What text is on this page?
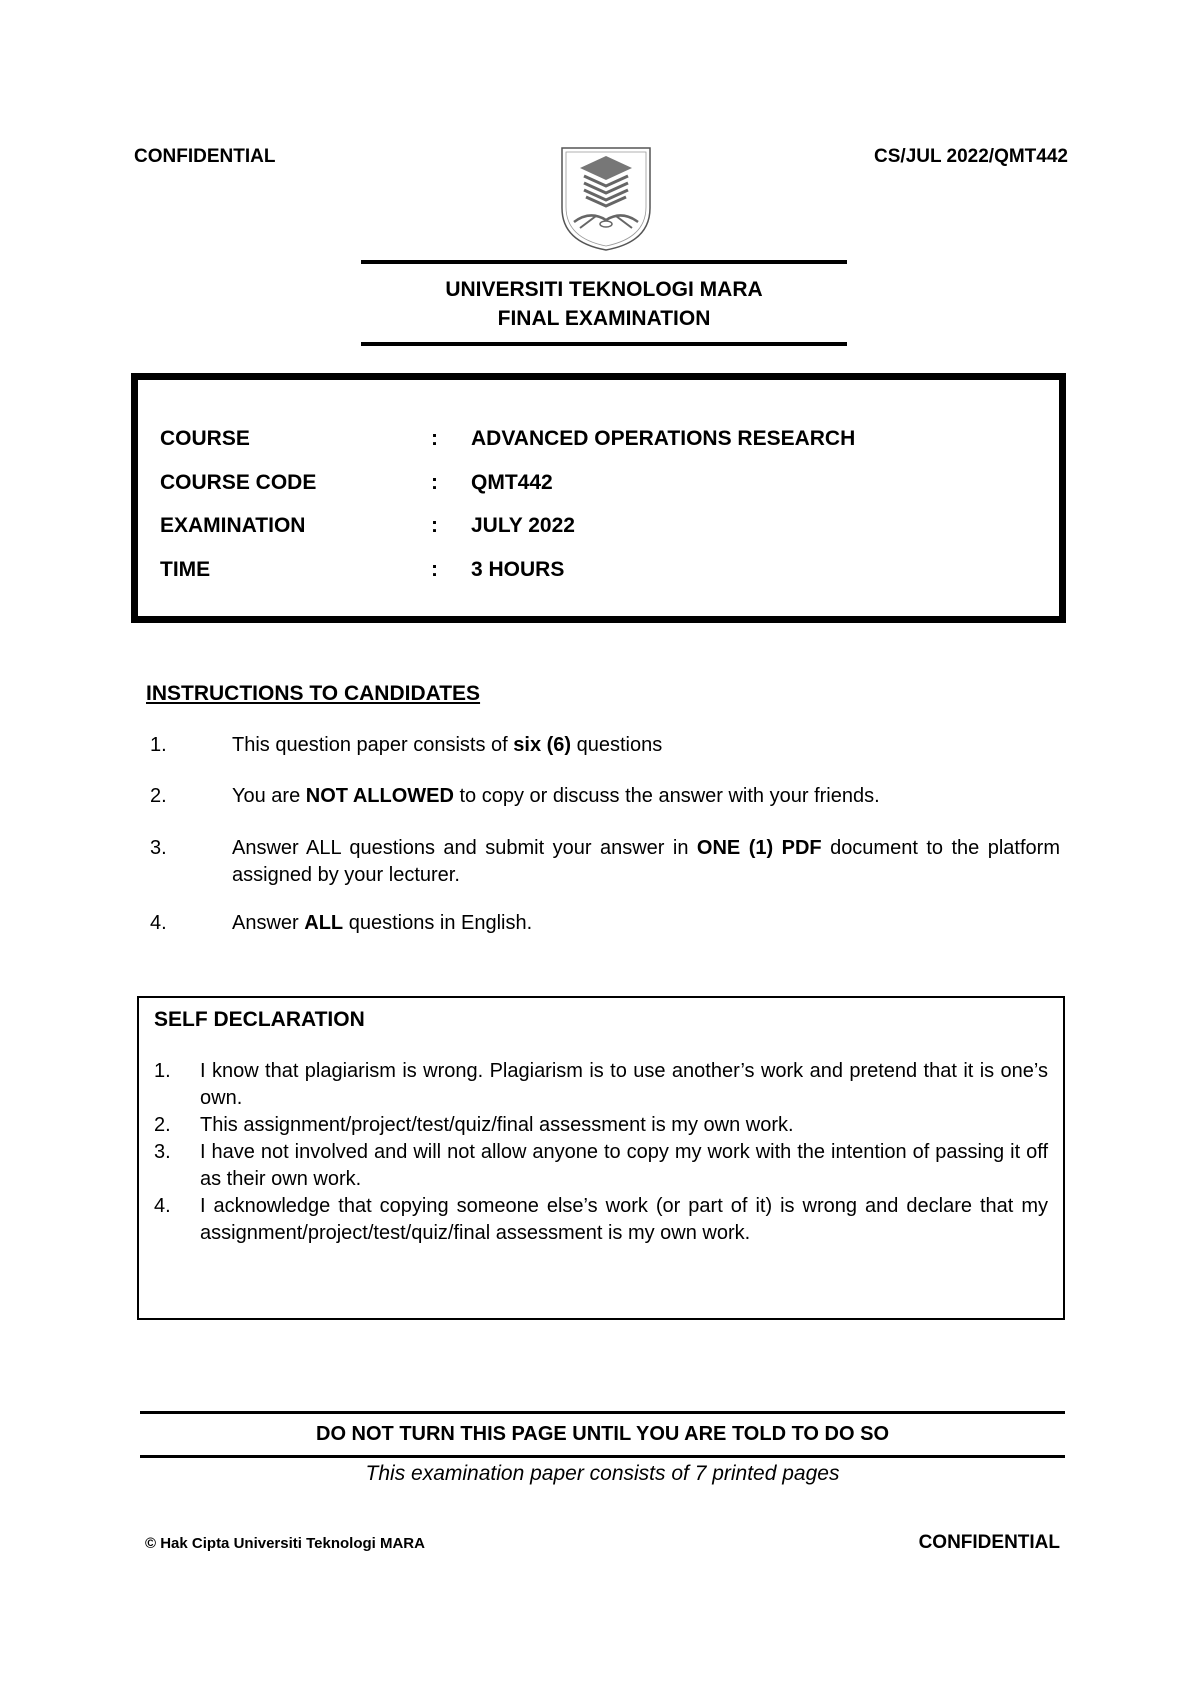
CONFIDENTIAL	CS/JUL 2022/QMT442
UNIVERSITI TEKNOLOGI MARA
FINAL EXAMINATION
COURSE	: ADVANCED OPERATIONS RESEARCH
COURSE CODE	: QMT442
EXAMINATION	: JULY 2022
TIME	: 3 HOURS
INSTRUCTIONS TO CANDIDATES
1.	This question paper consists of six (6) questions
2.	You are NOT ALLOWED to copy or discuss the answer with your friends.
3.	Answer ALL questions and submit your answer in ONE (1) PDF document to the platform assigned by your lecturer.
4.	Answer ALL questions in English.
SELF DECLARATION
1. I know that plagiarism is wrong. Plagiarism is to use another’s work and pretend that it is one’s own.
2. This assignment/project/test/quiz/final assessment is my own work.
3. I have not involved and will not allow anyone to copy my work with the intention of passing it off as their own work.
4. I acknowledge that copying someone else’s work (or part of it) is wrong and declare that my assignment/project/test/quiz/final assessment is my own work.
DO NOT TURN THIS PAGE UNTIL YOU ARE TOLD TO DO SO
This examination paper consists of 7 printed pages
© Hak Cipta Universiti Teknologi MARA	CONFIDENTIAL
